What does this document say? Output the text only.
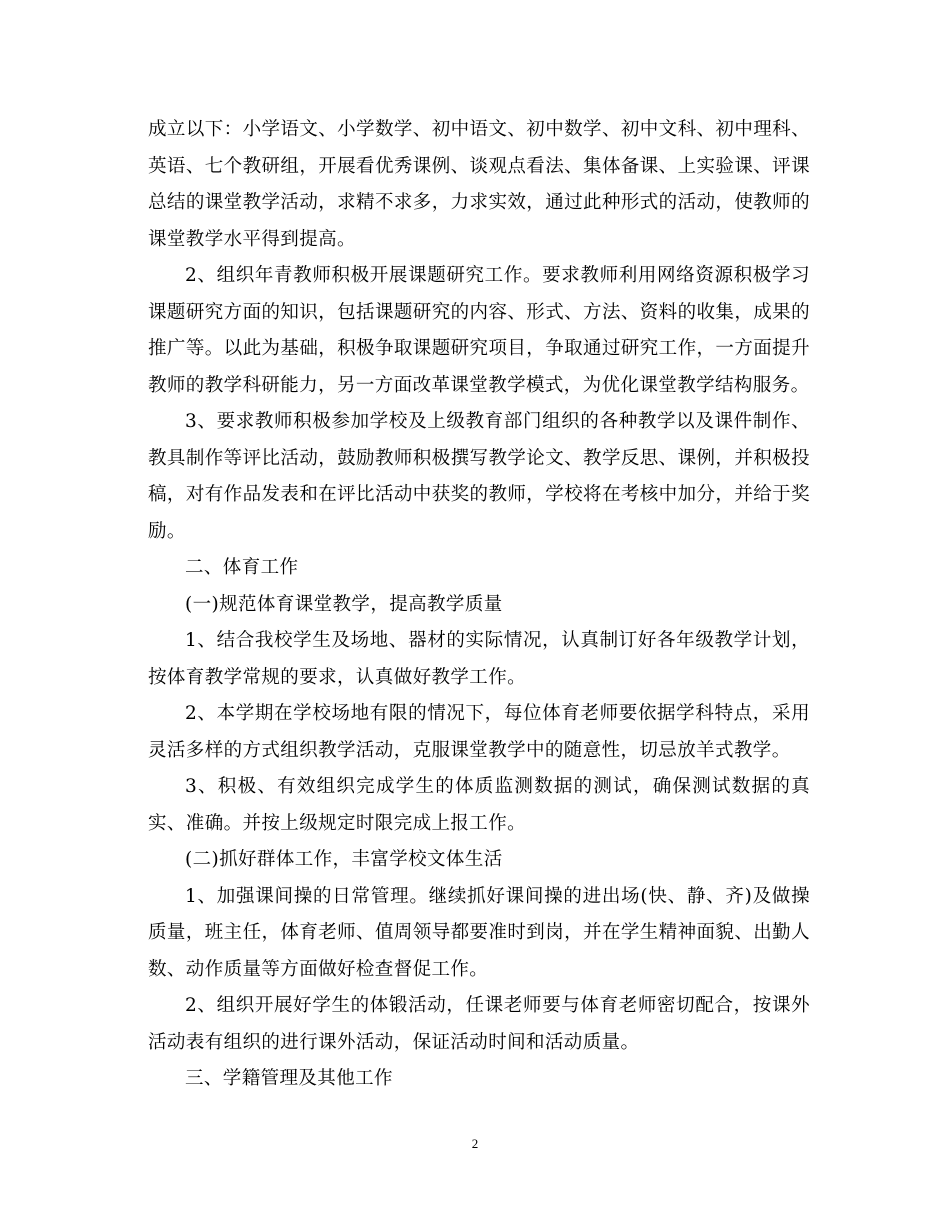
成立以下：小学语文、小学数学、初中语文、初中数学、初中文科、初中理科、英语、七个教研组，开展看优秀课例、谈观点看法、集体备课、上实验课、评课总结的课堂教学活动，求精不求多，力求实效，通过此种形式的活动，使教师的课堂教学水平得到提高。

2、组织年青教师积极开展课题研究工作。要求教师利用网络资源积极学习课题研究方面的知识，包括课题研究的内容、形式、方法、资料的收集，成果的推广等。以此为基础，积极争取课题研究项目，争取通过研究工作，一方面提升教师的教学科研能力，另一方面改革课堂教学模式，为优化课堂教学结构服务。

3、要求教师积极参加学校及上级教育部门组织的各种教学以及课件制作、教具制作等评比活动，鼓励教师积极撰写教学论文、教学反思、课例，并积极投稿，对有作品发表和在评比活动中获奖的教师，学校将在考核中加分，并给于奖励。

二、体育工作

(一)规范体育课堂教学，提高教学质量

1、结合我校学生及场地、器材的实际情况，认真制订好各年级教学计划，按体育教学常规的要求，认真做好教学工作。

2、本学期在学校场地有限的情况下，每位体育老师要依据学科特点，采用灵活多样的方式组织教学活动，克服课堂教学中的随意性，切忌放羊式教学。

3、积极、有效组织完成学生的体质监测数据的测试，确保测试数据的真实、准确。并按上级规定时限完成上报工作。

(二)抓好群体工作，丰富学校文体生活

1、加强课间操的日常管理。继续抓好课间操的进出场(快、静、齐)及做操质量，班主任，体育老师、值周领导都要准时到岗，并在学生精神面貌、出勤人数、动作质量等方面做好检查督促工作。

2、组织开展好学生的体锻活动，任课老师要与体育老师密切配合，按课外活动表有组织的进行课外活动，保证活动时间和活动质量。

三、学籍管理及其他工作

2
